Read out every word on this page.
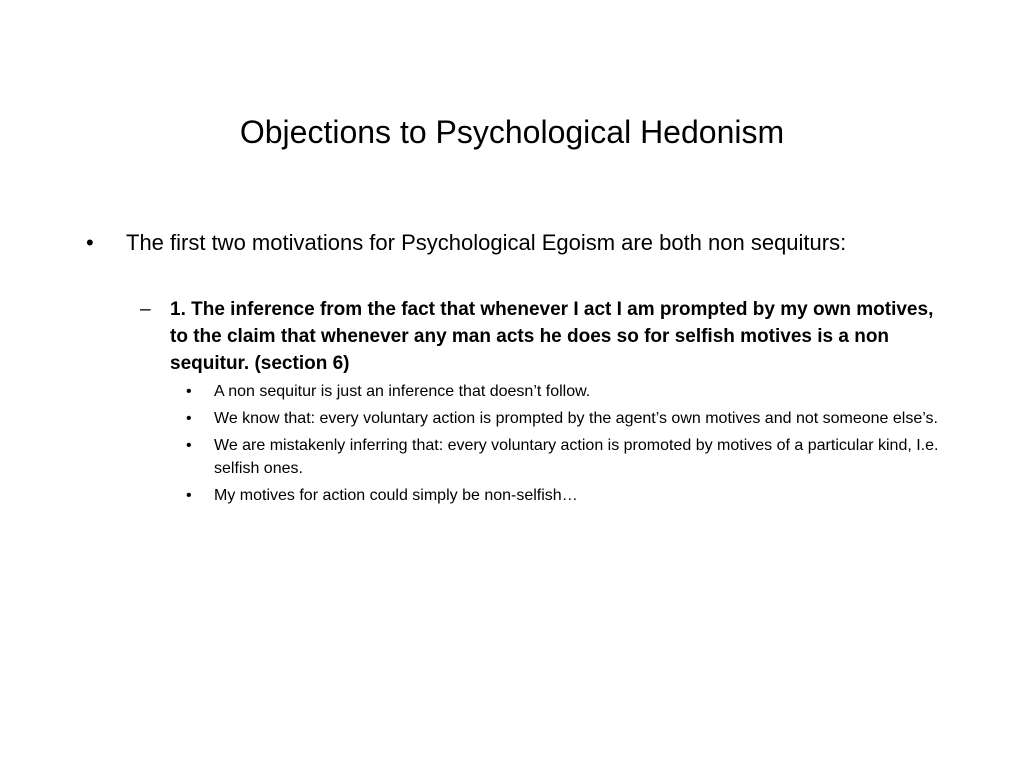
Objections to Psychological Hedonism
•	The first two motivations for Psychological Egoism are both non sequiturs:
–	1. The inference from the fact that whenever I act I am prompted by my own motives, to the claim that whenever any man acts he does so for selfish motives is a non sequitur. (section 6)
•	A non sequitur is just an inference that doesn’t follow.
•	We know that: every voluntary action is prompted by the agent’s own motives and not someone else’s.
•	We are mistakenly inferring that: every voluntary action is promoted by motives of a particular kind, I.e. selfish ones.
•	My motives for action could simply be non-selfish…
